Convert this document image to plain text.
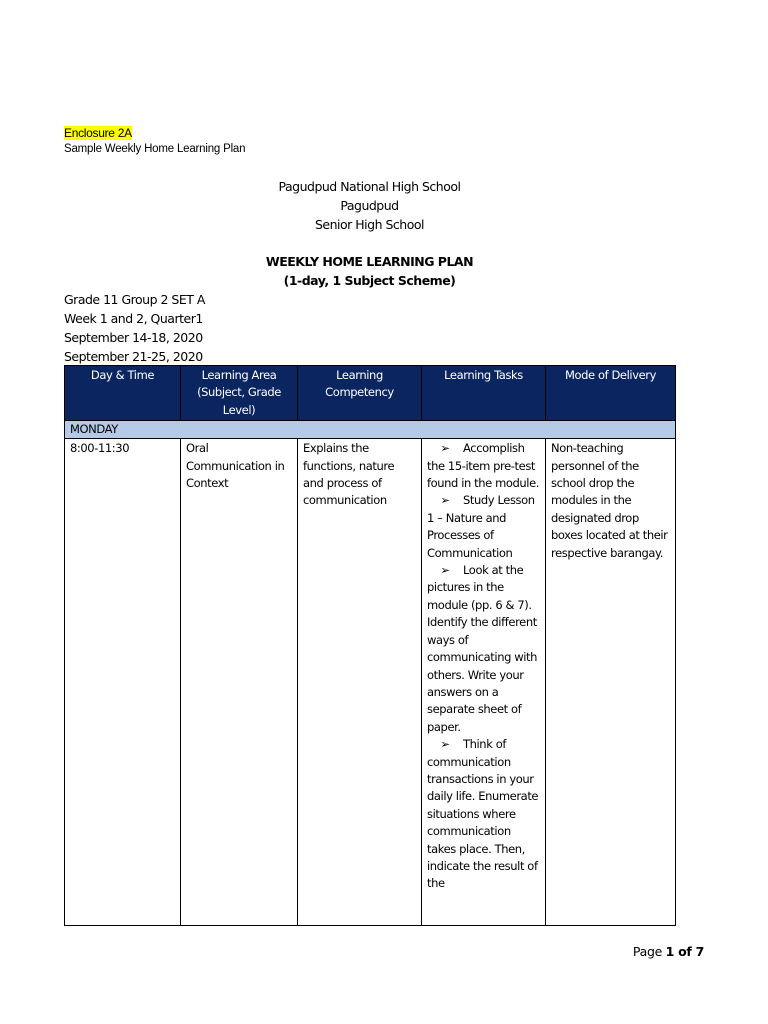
Enclosure 2A
Sample Weekly Home Learning Plan
Pagudpud National High School
Pagudpud
Senior High School
WEEKLY HOME LEARNING PLAN
(1-day, 1 Subject Scheme)
Grade 11 Group 2 SET A
Week 1 and 2, Quarter1
September 14-18, 2020
September 21-25, 2020
Day & Time	Learning Area (Subject, Grade Level)	Learning Competency	Learning Tasks	Mode of Delivery
MONDAY				
8:00-11:30	Oral Communication in Context	Explains the functions, nature and process of communication	➢ Accomplish the 15-item pre-test found in the module.
➢ Study Lesson 1 – Nature and Processes of Communication
➢ Look at the pictures in the module (pp. 6 & 7). Identify the different ways of communicating with others. Write your answers on a separate sheet of paper.
➢ Think of communication transactions in your daily life. Enumerate situations where communication takes place. Then, indicate the result of the	Non-teaching personnel of the school drop the modules in the designated drop boxes located at their respective barangay.
Page 1 of 7
